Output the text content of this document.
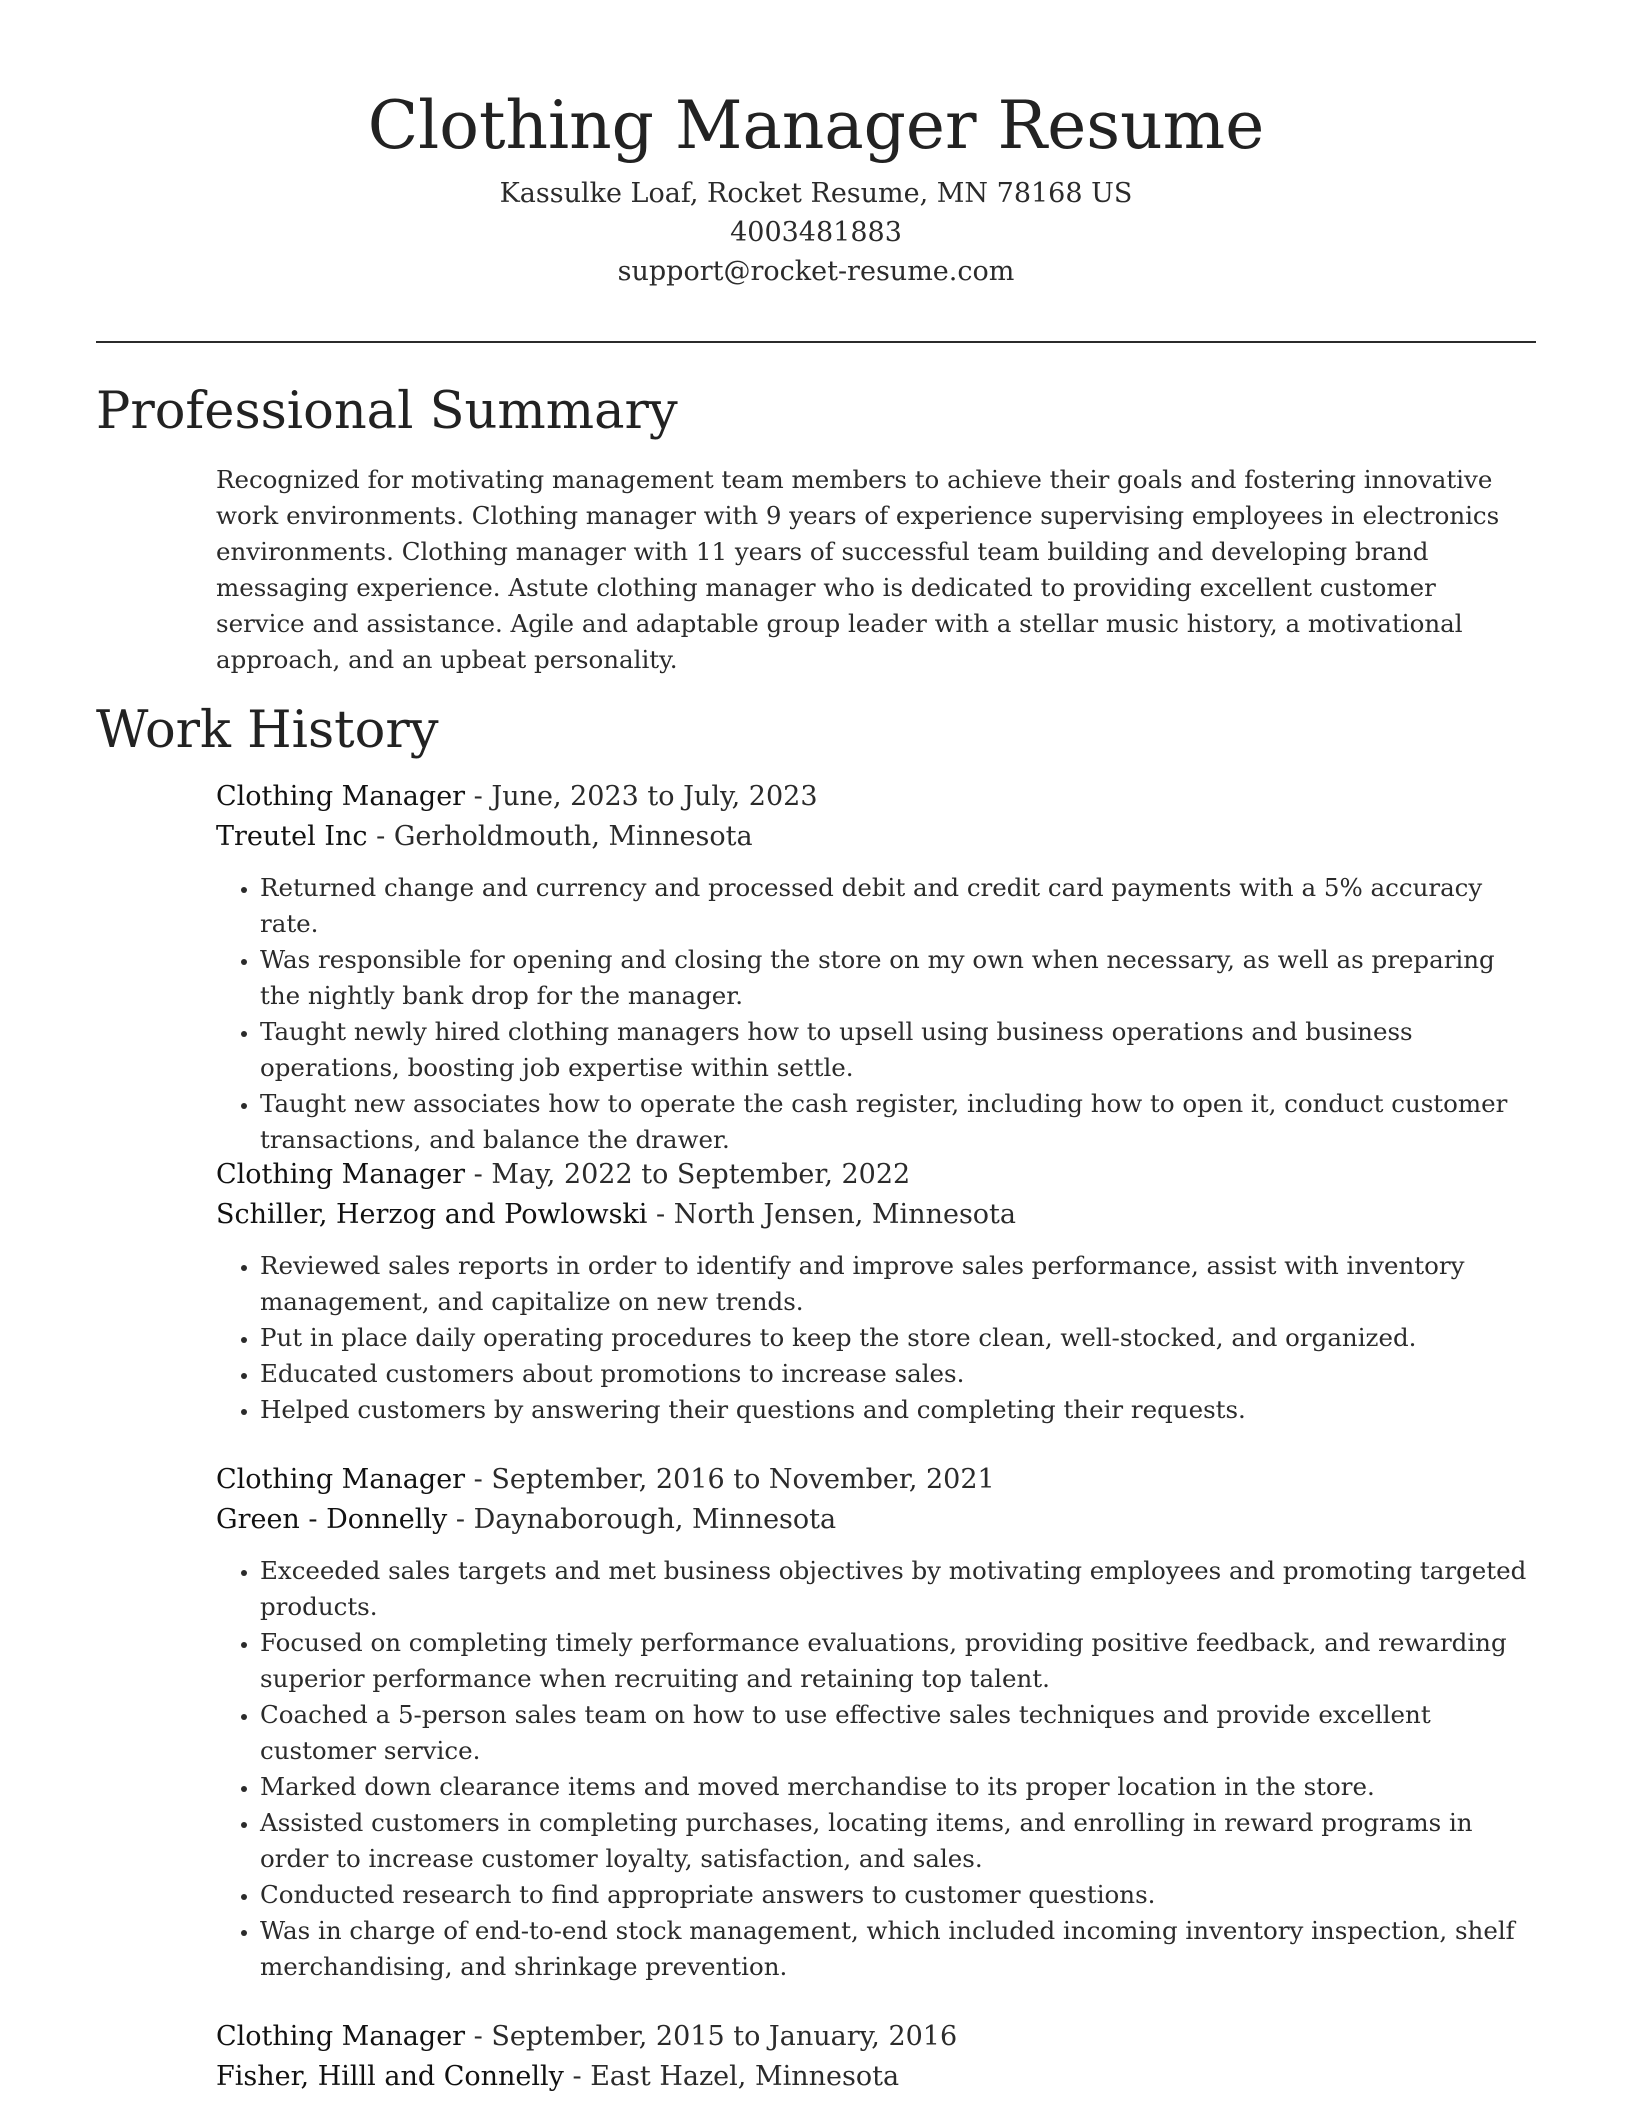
Clothing Manager Resume
Kassulke Loaf, Rocket Resume, MN 78168 US
4003481883
support@rocket-resume.com
Professional Summary

Recognized for motivating management team members to achieve their goals and fostering innovative work environments. Clothing manager with 9 years of experience supervising employees in electronics environments. Clothing manager with 11 years of successful team building and developing brand messaging experience. Astute clothing manager who is dedicated to providing excellent customer service and assistance. Agile and adaptable group leader with a stellar music history, a motivational approach, and an upbeat personality.

Work History
Clothing Manager - June, 2023 to July, 2023
Treutel Inc - Gerholdmouth, Minnesota
• Returned change and currency and processed debit and credit card payments with a 5% accuracy rate.
• Was responsible for opening and closing the store on my own when necessary, as well as preparing the nightly bank drop for the manager.
• Taught newly hired clothing managers how to upsell using business operations and business operations, boosting job expertise within settle.
• Taught new associates how to operate the cash register, including how to open it, conduct customer transactions, and balance the drawer.
Clothing Manager - May, 2022 to September, 2022
Schiller, Herzog and Powlowski - North Jensen, Minnesota
• Reviewed sales reports in order to identify and improve sales performance, assist with inventory management, and capitalize on new trends.
• Put in place daily operating procedures to keep the store clean, well-stocked, and organized.
• Educated customers about promotions to increase sales.
• Helped customers by answering their questions and completing their requests.
Clothing Manager - September, 2016 to November, 2021
Green - Donnelly - Daynaborough, Minnesota
• Exceeded sales targets and met business objectives by motivating employees and promoting targeted products.
• Focused on completing timely performance evaluations, providing positive feedback, and rewarding superior performance when recruiting and retaining top talent.
• Coached a 5-person sales team on how to use effective sales techniques and provide excellent customer service.
• Marked down clearance items and moved merchandise to its proper location in the store.
• Assisted customers in completing purchases, locating items, and enrolling in reward programs in order to increase customer loyalty, satisfaction, and sales.
• Conducted research to find appropriate answers to customer questions.
• Was in charge of end-to-end stock management, which included incoming inventory inspection, shelf merchandising, and shrinkage prevention.
Clothing Manager - September, 2015 to January, 2016
Fisher, Hilll and Connelly - East Hazel, Minnesota
